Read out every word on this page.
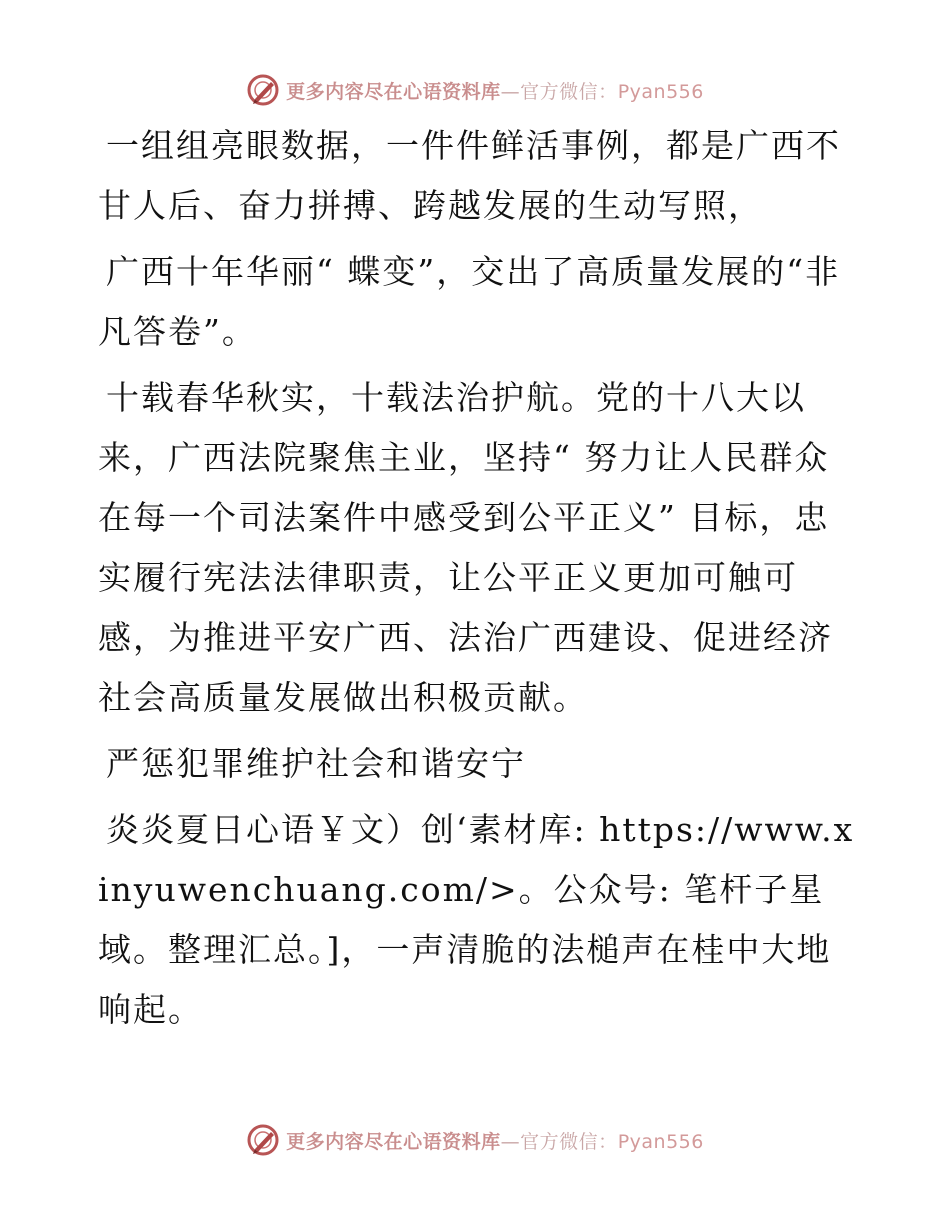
更多内容尽在心语资料库—官方微信：Pyan556

一组组亮眼数据，一件件鲜活事例，都是广西不甘人后、奋力拼搏、跨越发展的生动写照，

广西十年华丽“ 蝶变”，交出了高质量发展的“非凡答卷”。

十载春华秋实，十载法治护航。党的十八大以来，广西法院聚焦主业，坚持“ 努力让人民群众在每一个司法案件中感受到公平正义” 目标，忠实履行宪法法律职责，让公平正义更加可触可感，为推进平安广西、法治广西建设、促进经济社会高质量发展做出积极贡献。

严惩犯罪维护社会和谐安宁

炎炎夏日心语￥文）创‘素材库: https://www.xinyuwenchuang.com/>。公众号: 笔杆子星域。整理汇总。]，一声清脆的法槌声在桂中大地响起。

更多内容尽在心语资料库—官方微信：Pyan556
